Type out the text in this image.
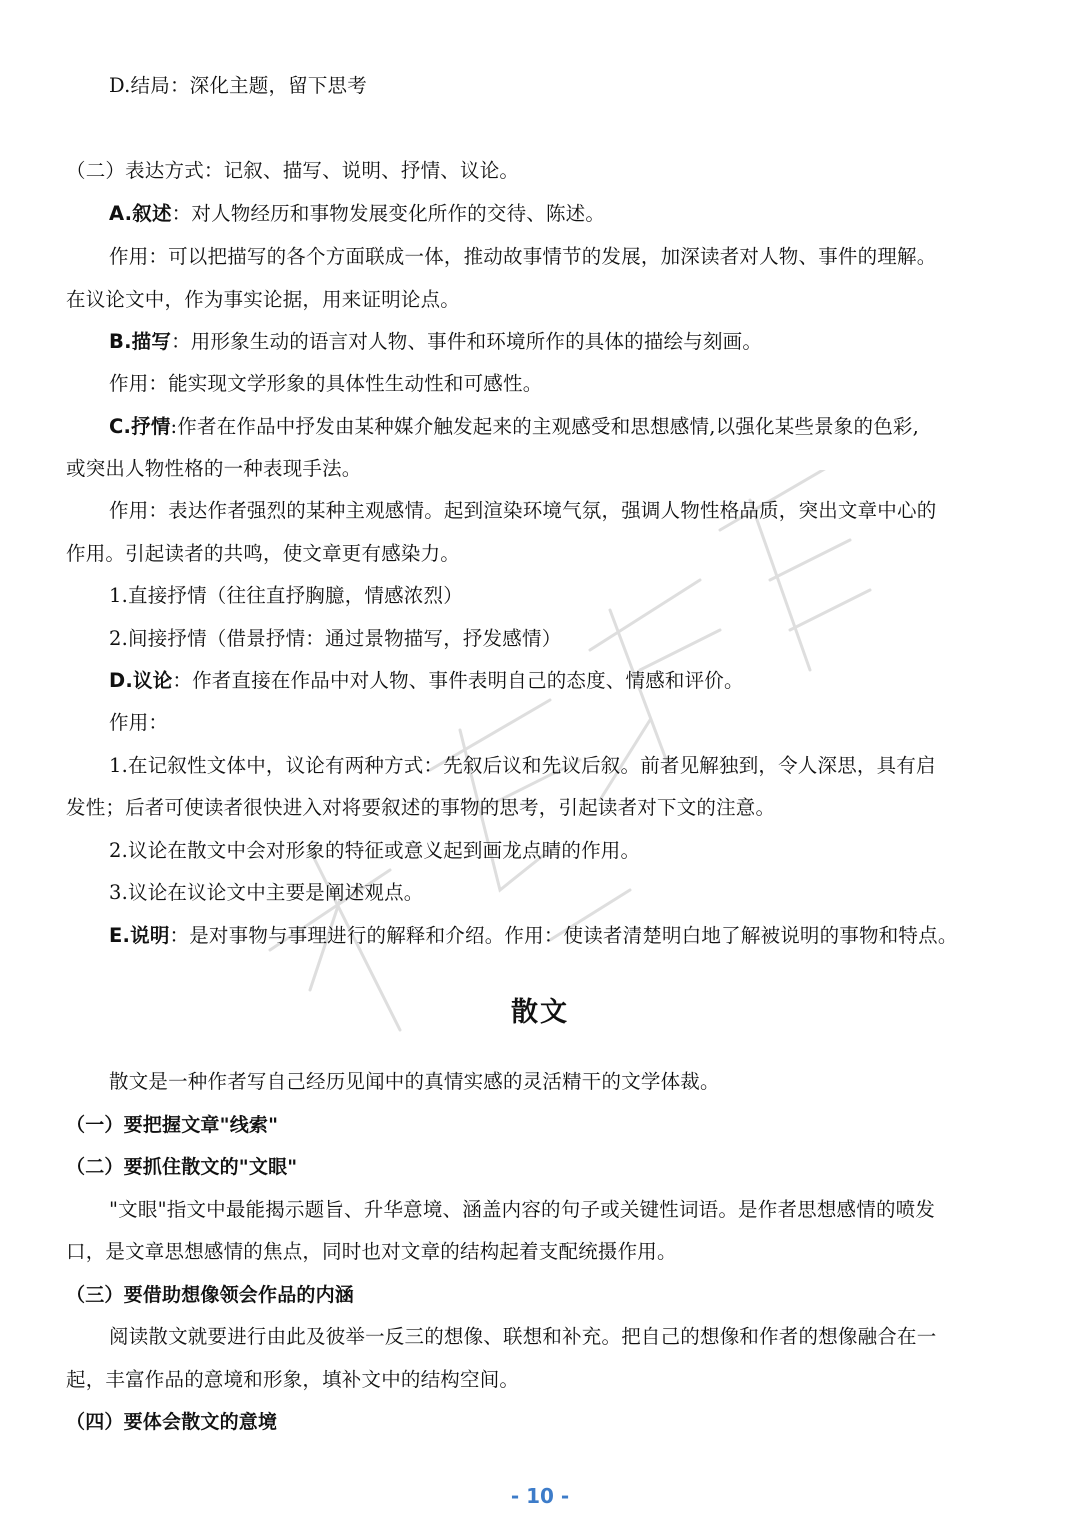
D.结局：深化主题，留下思考
（二）表达方式：记叙、描写、说明、抒情、议论。
A.叙述：对人物经历和事物发展变化所作的交待、陈述。
作用：可以把描写的各个方面联成一体，推动故事情节的发展，加深读者对人物、事件的理解。
在议论文中，作为事实论据，用来证明论点。
B.描写：用形象生动的语言对人物、事件和环境所作的具体的描绘与刻画。
作用：能实现文学形象的具体性生动性和可感性。
C.抒情:作者在作品中抒发由某种媒介触发起来的主观感受和思想感情,以强化某些景象的色彩,
或突出人物性格的一种表现手法。
作用：表达作者强烈的某种主观感情。起到渲染环境气氛，强调人物性格品质，突出文章中心的
作用。引起读者的共鸣，使文章更有感染力。
1.直接抒情（往往直抒胸臆，情感浓烈）
2.间接抒情（借景抒情：通过景物描写，抒发感情）
D.议论：作者直接在作品中对人物、事件表明自己的态度、情感和评价。
作用：
1.在记叙性文体中，议论有两种方式：先叙后议和先议后叙。前者见解独到，令人深思，具有启
发性；后者可使读者很快进入对将要叙述的事物的思考，引起读者对下文的注意。
2.议论在散文中会对形象的特征或意义起到画龙点睛的作用。
3.议论在议论文中主要是阐述观点。
E.说明：是对事物与事理进行的解释和介绍。作用：使读者清楚明白地了解被说明的事物和特点。
散文
散文是一种作者写自己经历见闻中的真情实感的灵活精干的文学体裁。
（一）要把握文章"线索"
（二）要抓住散文的"文眼"
"文眼"指文中最能揭示题旨、升华意境、涵盖内容的句子或关键性词语。是作者思想感情的喷发
口，是文章思想感情的焦点，同时也对文章的结构起着支配统摄作用。
（三）要借助想像领会作品的内涵
阅读散文就要进行由此及彼举一反三的想像、联想和补充。把自己的想像和作者的想像融合在一
起，丰富作品的意境和形象，填补文中的结构空间。
（四）要体会散文的意境
- 10 -
